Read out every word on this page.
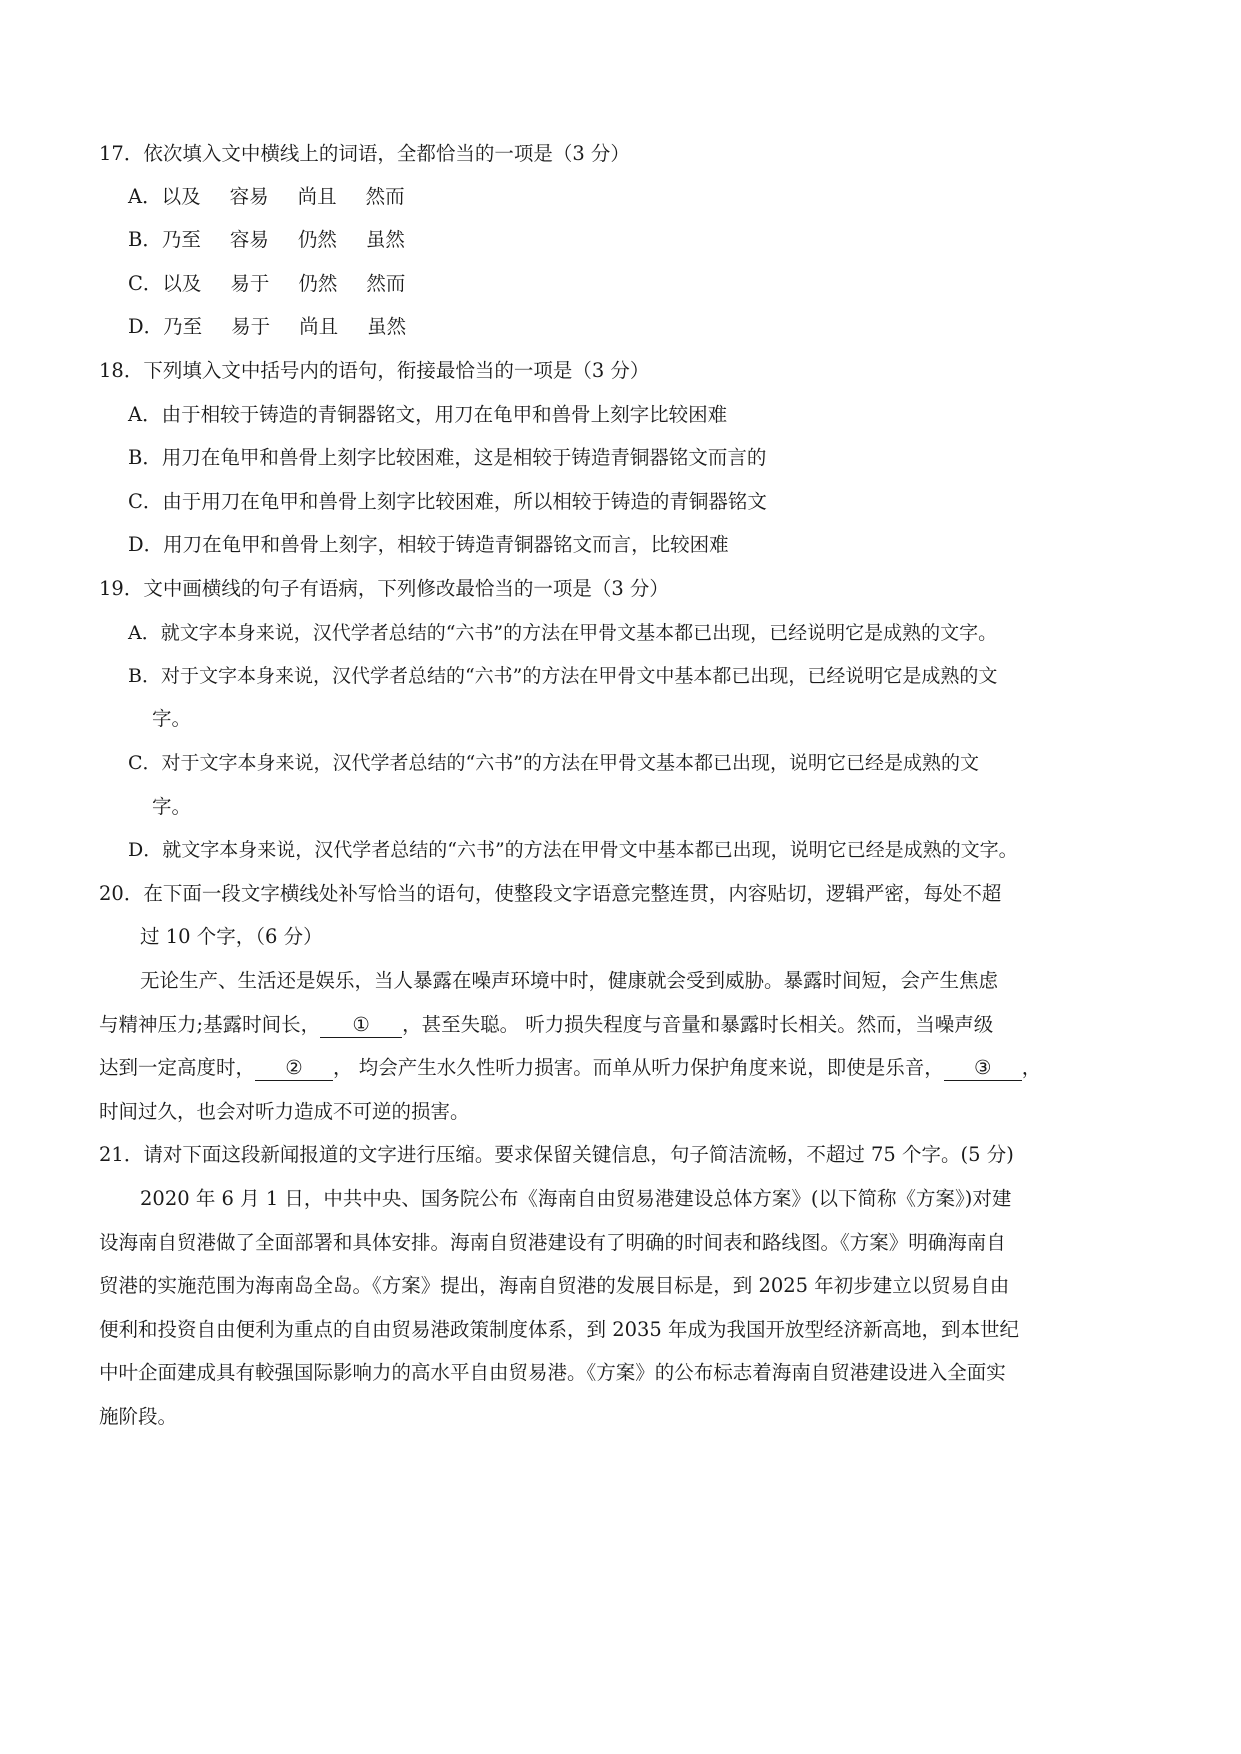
17．依次填入文中横线上的词语，全都恰当的一项是（3 分）
A．以及 容易 尚且 然而
B．乃至 容易 仍然 虽然
C．以及 易于 仍然 然而
D．乃至 易于 尚且 虽然
18．下列填入文中括号内的语句，衔接最恰当的一项是（3 分）
A．由于相较于铸造的青铜器铭文，用刀在龟甲和兽骨上刻字比较困难
B．用刀在龟甲和兽骨上刻字比较困难，这是相较于铸造青铜器铭文而言的
C．由于用刀在龟甲和兽骨上刻字比较困难，所以相较于铸造的青铜器铭文
D．用刀在龟甲和兽骨上刻字，相较于铸造青铜器铭文而言，比较困难
19．文中画横线的句子有语病，下列修改最恰当的一项是（3 分）
A．就文字本身来说，汉代学者总结的“六书”的方法在甲骨文基本都已出现，已经说明它是成熟的文字。
B．对于文字本身来说，汉代学者总结的“六书”的方法在甲骨文中基本都已出现，已经说明它是成熟的文
字。
C．对于文字本身来说，汉代学者总结的“六书”的方法在甲骨文基本都已出现，说明它已经是成熟的文
字。
D．就文字本身来说，汉代学者总结的“六书”的方法在甲骨文中基本都已出现，说明它已经是成熟的文字。
20．在下面一段文字横线处补写恰当的语句，使整段文字语意完整连贯，内容贴切，逻辑严密，每处不超
过 10 个字，（6 分）
无论生产、生活还是娱乐，当人暴露在噪声环境中时，健康就会受到威胁。暴露时间短，会产生焦虑
与精神压力;基露时间长， ① ，甚至失聪。 听力损失程度与音量和暴露时长相关。然而，当噪声级
达到一定高度时， ② ， 均会产生水久性听力损害。而单从听力保护角度来说，即使是乐音， ③ ，
时间过久，也会对听力造成不可逆的损害。
21．请对下面这段新闻报道的文字进行压缩。要求保留关键信息，句子简洁流畅，不超过 75 个字。(5 分)
2020 年 6 月 1 日，中共中央、国务院公布《海南自由贸易港建设总体方案》(以下简称《方案》)对建
设海南自贸港做了全面部署和具体安排。海南自贸港建设有了明确的时间表和路线图。《方案》明确海南自
贸港的实施范围为海南岛全岛。《方案》提出，海南自贸港的发展目标是，到 2025 年初步建立以贸易自由
便利和投资自由便利为重点的自由贸易港政策制度体系，到 2035 年成为我国开放型经济新高地，到本世纪
中叶企面建成具有較强国际影响力的高水平自由贸易港。《方案》的公布标志着海南自贸港建设进入全面实
施阶段。
